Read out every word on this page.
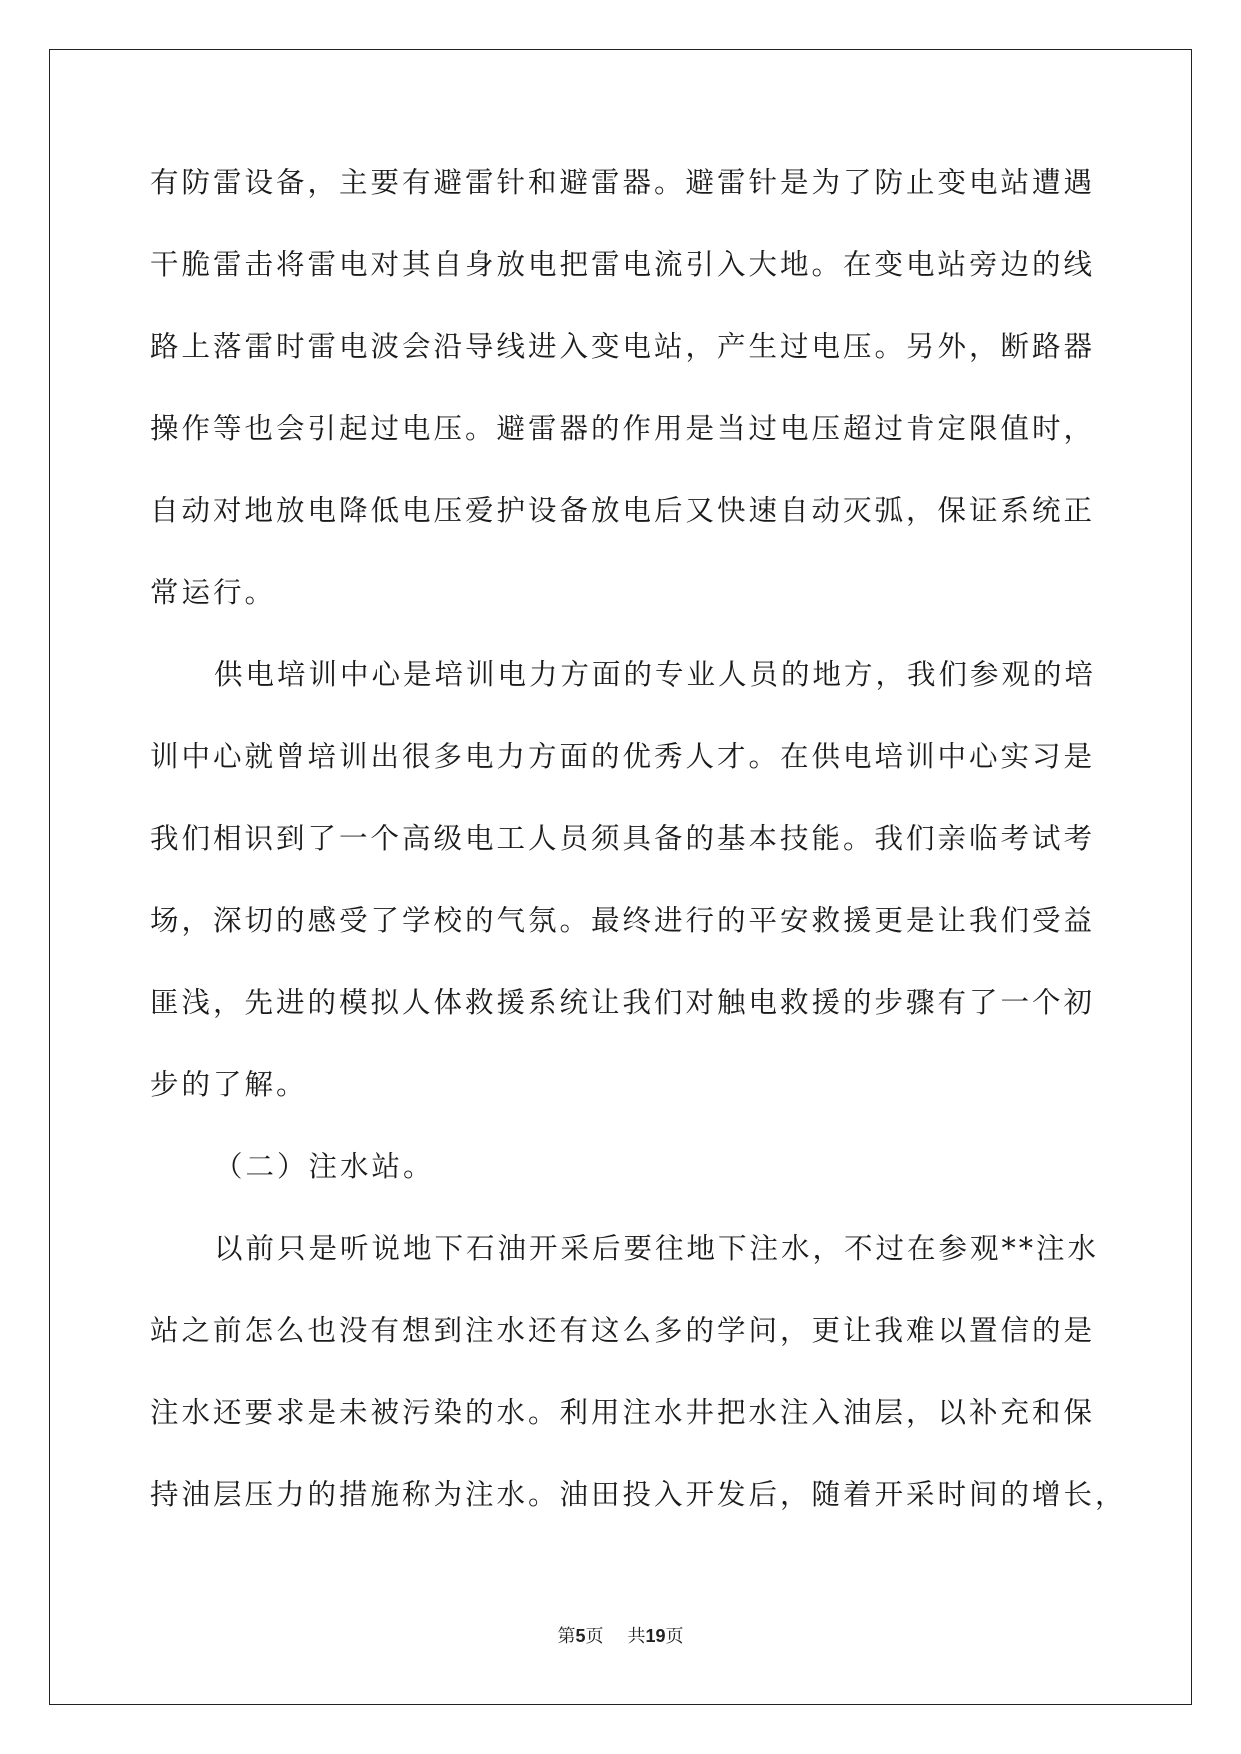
有防雷设备，主要有避雷针和避雷器。避雷针是为了防止变电站遭遇
干脆雷击将雷电对其自身放电把雷电流引入大地。在变电站旁边的线
路上落雷时雷电波会沿导线进入变电站，产生过电压。另外，断路器
操作等也会引起过电压。避雷器的作用是当过电压超过肯定限值时，
自动对地放电降低电压爱护设备放电后又快速自动灭弧，保证系统正
常运行。
供电培训中心是培训电力方面的专业人员的地方，我们参观的培
训中心就曾培训出很多电力方面的优秀人才。在供电培训中心实习是
我们相识到了一个高级电工人员须具备的基本技能。我们亲临考试考
场，深切的感受了学校的气氛。最终进行的平安救援更是让我们受益
匪浅，先进的模拟人体救援系统让我们对触电救援的步骤有了一个初
步的了解。
（二）注水站。
以前只是听说地下石油开采后要往地下注水，不过在参观**注水
站之前怎么也没有想到注水还有这么多的学问，更让我难以置信的是
注水还要求是未被污染的水。利用注水井把水注入油层，以补充和保
持油层压力的措施称为注水。油田投入开发后，随着开采时间的增长，
第5页 共19页
